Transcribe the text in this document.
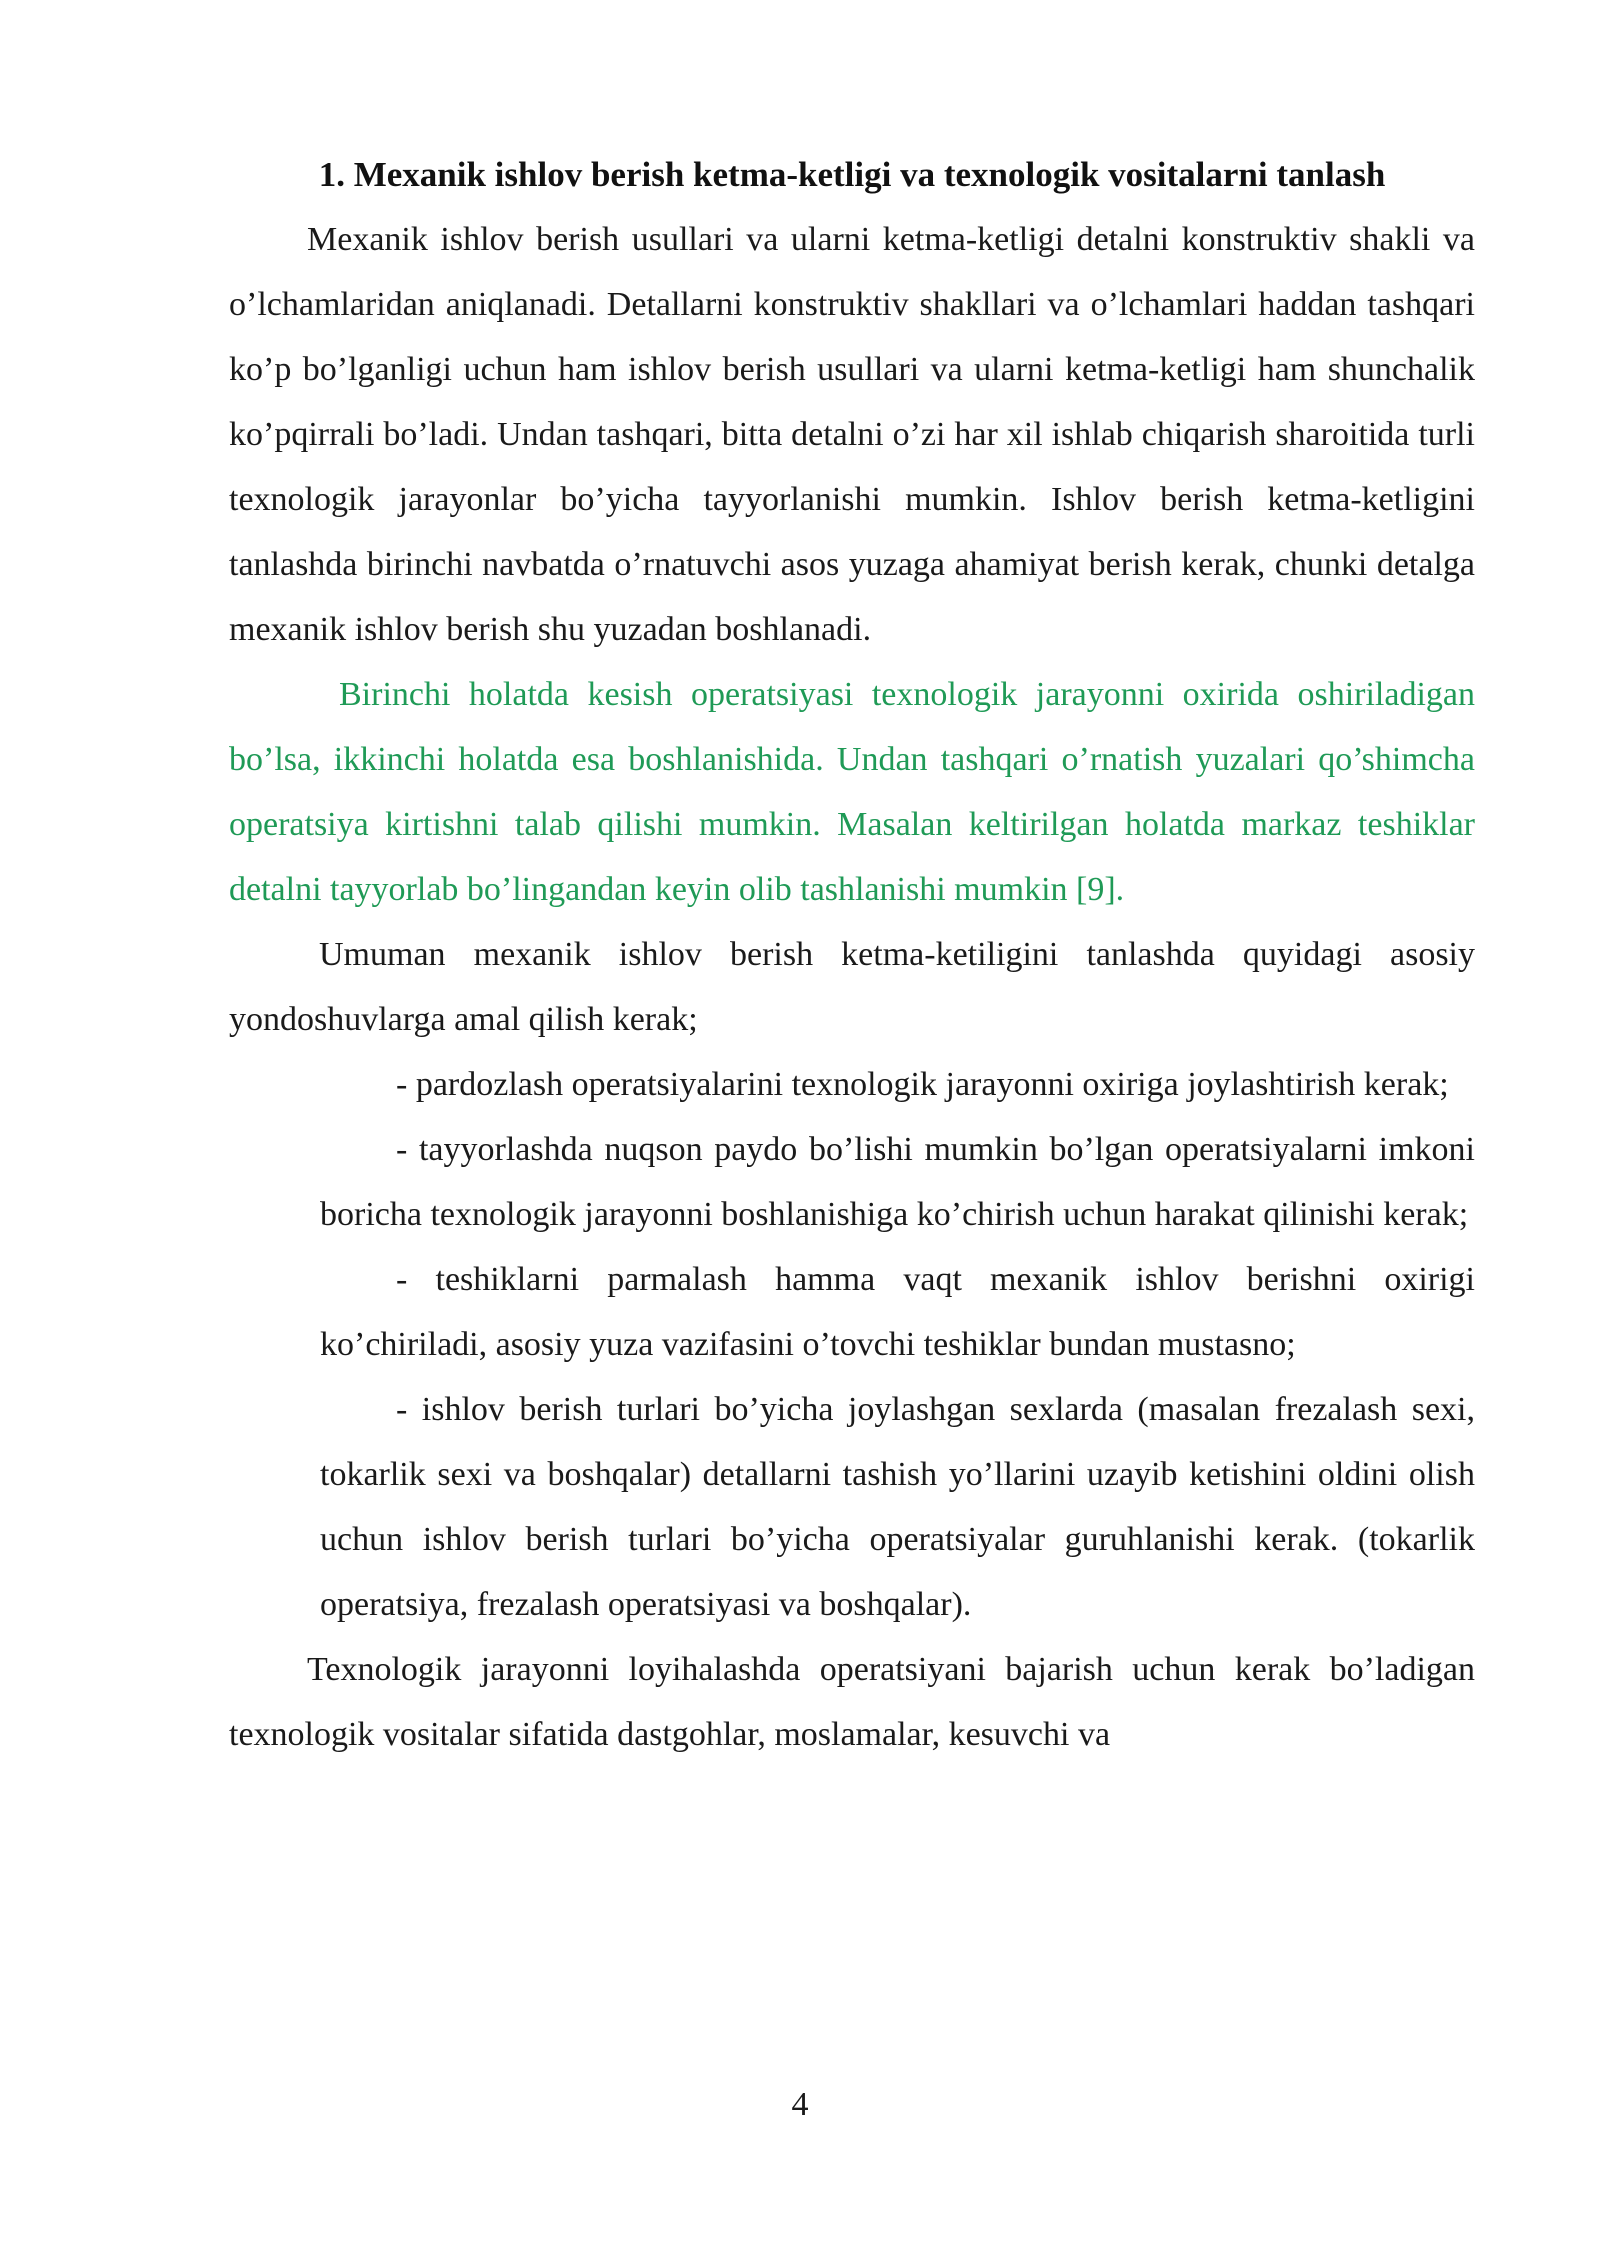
1. Mexanik ishlov berish ketma-ketligi va texnologik vositalarni tanlash

Mexanik ishlov berish usullari va ularni ketma-ketligi detalni konstruktiv shakli va o’lchamlaridan aniqlanadi. Detallarni konstruktiv shakllari va o’lchamlari haddan tashqari ko’p bo’lganligi uchun ham ishlov berish usullari va ularni ketma-ketligi ham shunchalik ko’pqirrali bo’ladi. Undan tashqari, bitta detalni o’zi har xil ishlab chiqarish sharoitida turli texnologik jarayonlar bo’yicha tayyorlanishi mumkin. Ishlov berish ketma-ketligini tanlashda birinchi navbatda o’rnatuvchi asos yuzaga ahamiyat berish kerak, chunki detalga mexanik ishlov berish shu yuzadan boshlanadi.

Birinchi holatda kesish operatsiyasi texnologik jarayonni oxirida oshiriladigan bo’lsa, ikkinchi holatda esa boshlanishida. Undan tashqari o’rnatish yuzalari qo’shimcha operatsiya kirtishni talab qilishi mumkin. Masalan keltirilgan holatda markaz teshiklar detalni tayyorlab bo’lingandan keyin olib tashlanishi mumkin [9].

Umuman mexanik ishlov berish ketma-ketiligini tanlashda quyidagi asosiy yondoshuvlarga amal qilish kerak;

- pardozlash operatsiyalarini texnologik jarayonni oxiriga joylashtirish kerak;

- tayyorlashda nuqson paydo bo’lishi mumkin bo’lgan operatsiyalarni imkoni boricha texnologik jarayonni boshlanishiga ko’chirish uchun harakat qilinishi kerak;

- teshiklarni parmalash hamma vaqt mexanik ishlov berishni oxirigi ko’chiriladi, asosiy yuza vazifasini o’tovchi teshiklar bundan mustasno;

- ishlov berish turlari bo’yicha joylashgan sexlarda (masalan frezalash sexi, tokarlik sexi va boshqalar) detallarni tashish yo’llarini uzayib ketishini oldini olish uchun ishlov berish turlari bo’yicha operatsiyalar guruhlanishi kerak. (tokarlik operatsiya, frezalash operatsiyasi va boshqalar).

Texnologik jarayonni loyihalashda operatsiyani bajarish uchun kerak bo’ladigan texnologik vositalar sifatida dastgohlar, moslamalar, kesuvchi va

4
